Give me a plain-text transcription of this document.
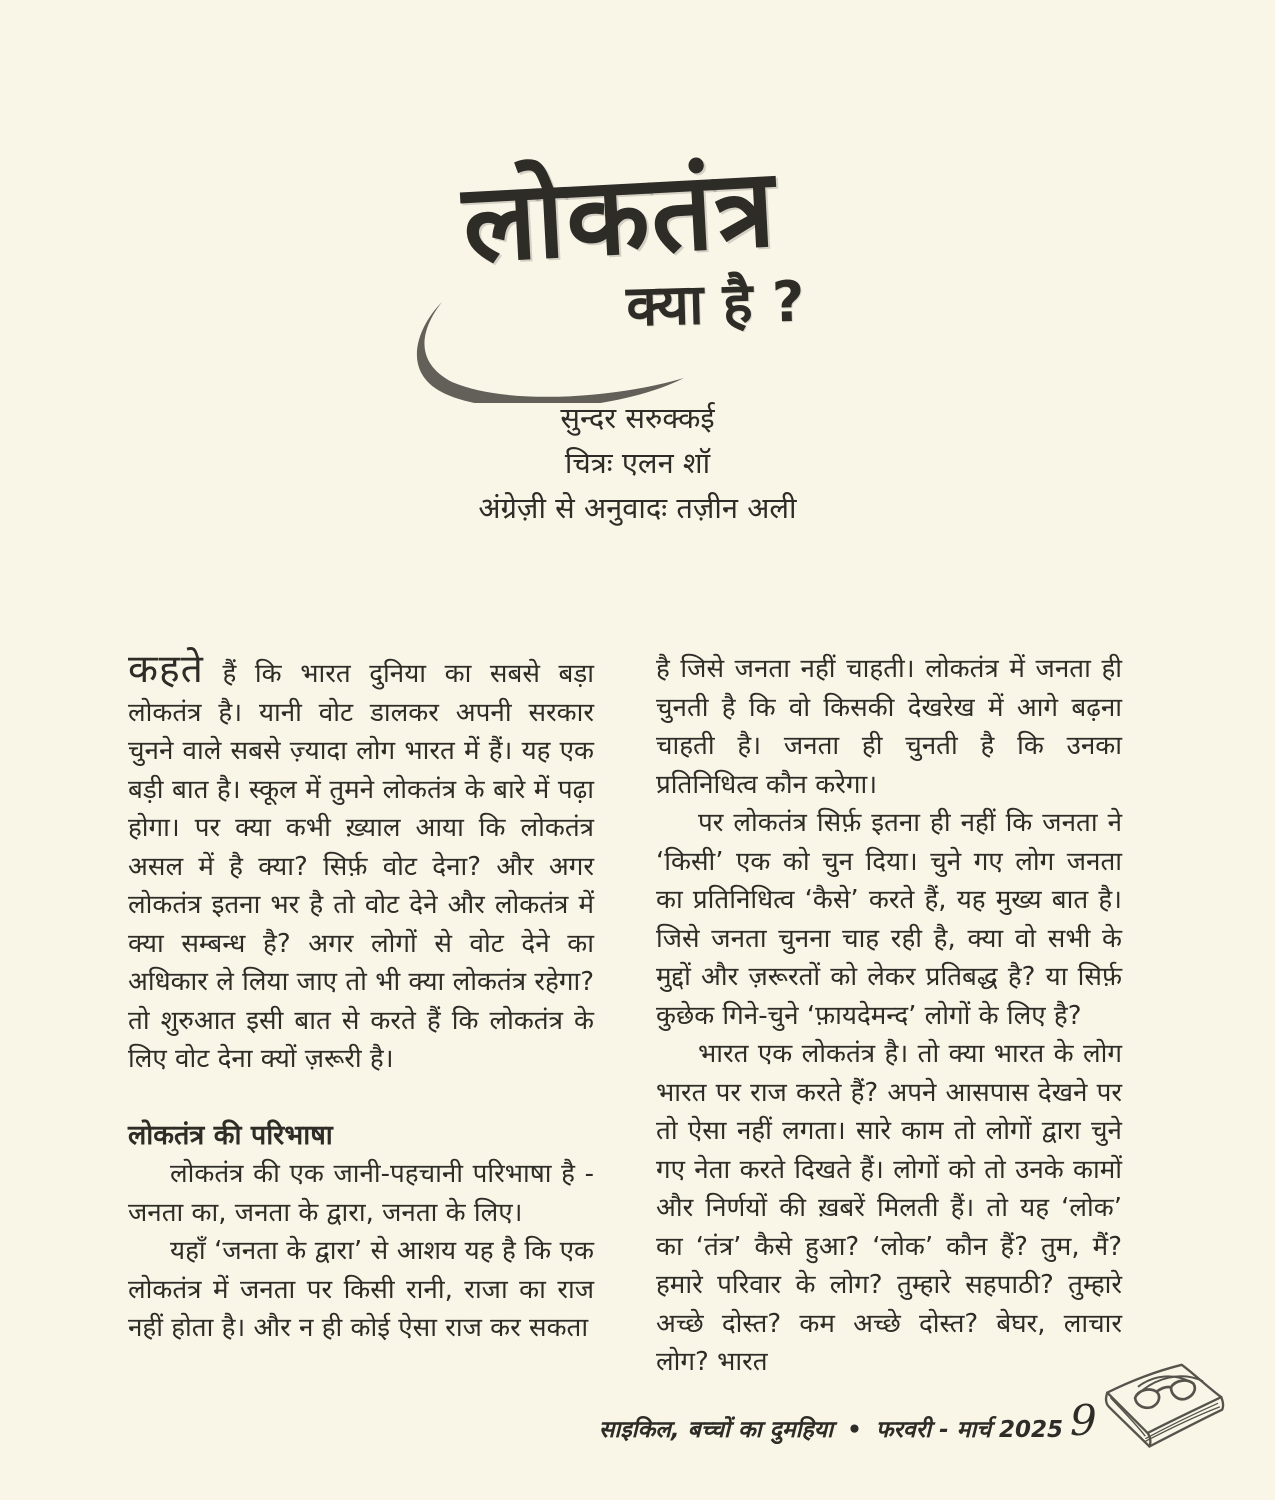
लोकतंत्र
क्या है ?
सुन्दर सरुक्कई
चित्रः एलन शॉ
अंग्रेज़ी से अनुवादः तज़ीन अली

कहते हैं कि भारत दुनिया का सबसे बड़ा लोकतंत्र है। यानी वोट डालकर अपनी सरकार चुनने वाले सबसे ज़्यादा लोग भारत में हैं। यह एक बड़ी बात है। स्कूल में तुमने लोकतंत्र के बारे में पढ़ा होगा। पर क्या कभी ख़्याल आया कि लोकतंत्र असल में है क्या? सिर्फ़ वोट देना? और अगर लोकतंत्र इतना भर है तो वोट देने और लोकतंत्र में क्या सम्बन्ध है? अगर लोगों से वोट देने का अधिकार ले लिया जाए तो भी क्या लोकतंत्र रहेगा? तो शुरुआत इसी बात से करते हैं कि लोकतंत्र के लिए वोट देना क्यों ज़रूरी है।

लोकतंत्र की परिभाषा

लोकतंत्र की एक जानी-पहचानी परिभाषा है - जनता का, जनता के द्वारा, जनता के लिए।

यहाँ ‘जनता के द्वारा’ से आशय यह है कि एक लोकतंत्र में जनता पर किसी रानी, राजा का राज नहीं होता है। और न ही कोई ऐसा राज कर सकता

है जिसे जनता नहीं चाहती। लोकतंत्र में जनता ही चुनती है कि वो किसकी देखरेख में आगे बढ़ना चाहती है। जनता ही चुनती है कि उनका प्रतिनिधित्व कौन करेगा।

पर लोकतंत्र सिर्फ़ इतना ही नहीं कि जनता ने ‘किसी’ एक को चुन दिया। चुने गए लोग जनता का प्रतिनिधित्व ‘कैसे’ करते हैं, यह मुख्य बात है। जिसे जनता चुनना चाह रही है, क्या वो सभी के मुद्दों और ज़रूरतों को लेकर प्रतिबद्ध है? या सिर्फ़ कुछेक गिने-चुने ‘फ़ायदेमन्द’ लोगों के लिए है?

भारत एक लोकतंत्र है। तो क्या भारत के लोग भारत पर राज करते हैं? अपने आसपास देखने पर तो ऐसा नहीं लगता। सारे काम तो लोगों द्वारा चुने गए नेता करते दिखते हैं। लोगों को तो उनके कामों और निर्णयों की ख़बरें मिलती हैं। तो यह ‘लोक’ का ‘तंत्र’ कैसे हुआ? ‘लोक’ कौन हैं? तुम, मैं? हमारे परिवार के लोग? तुम्हारे सहपाठी? तुम्हारे अच्छे दोस्त? कम अच्छे दोस्त? बेघर, लाचार लोग? भारत

साइकिल, बच्चों का दुमहिया • फरवरी - मार्च 2025 9
